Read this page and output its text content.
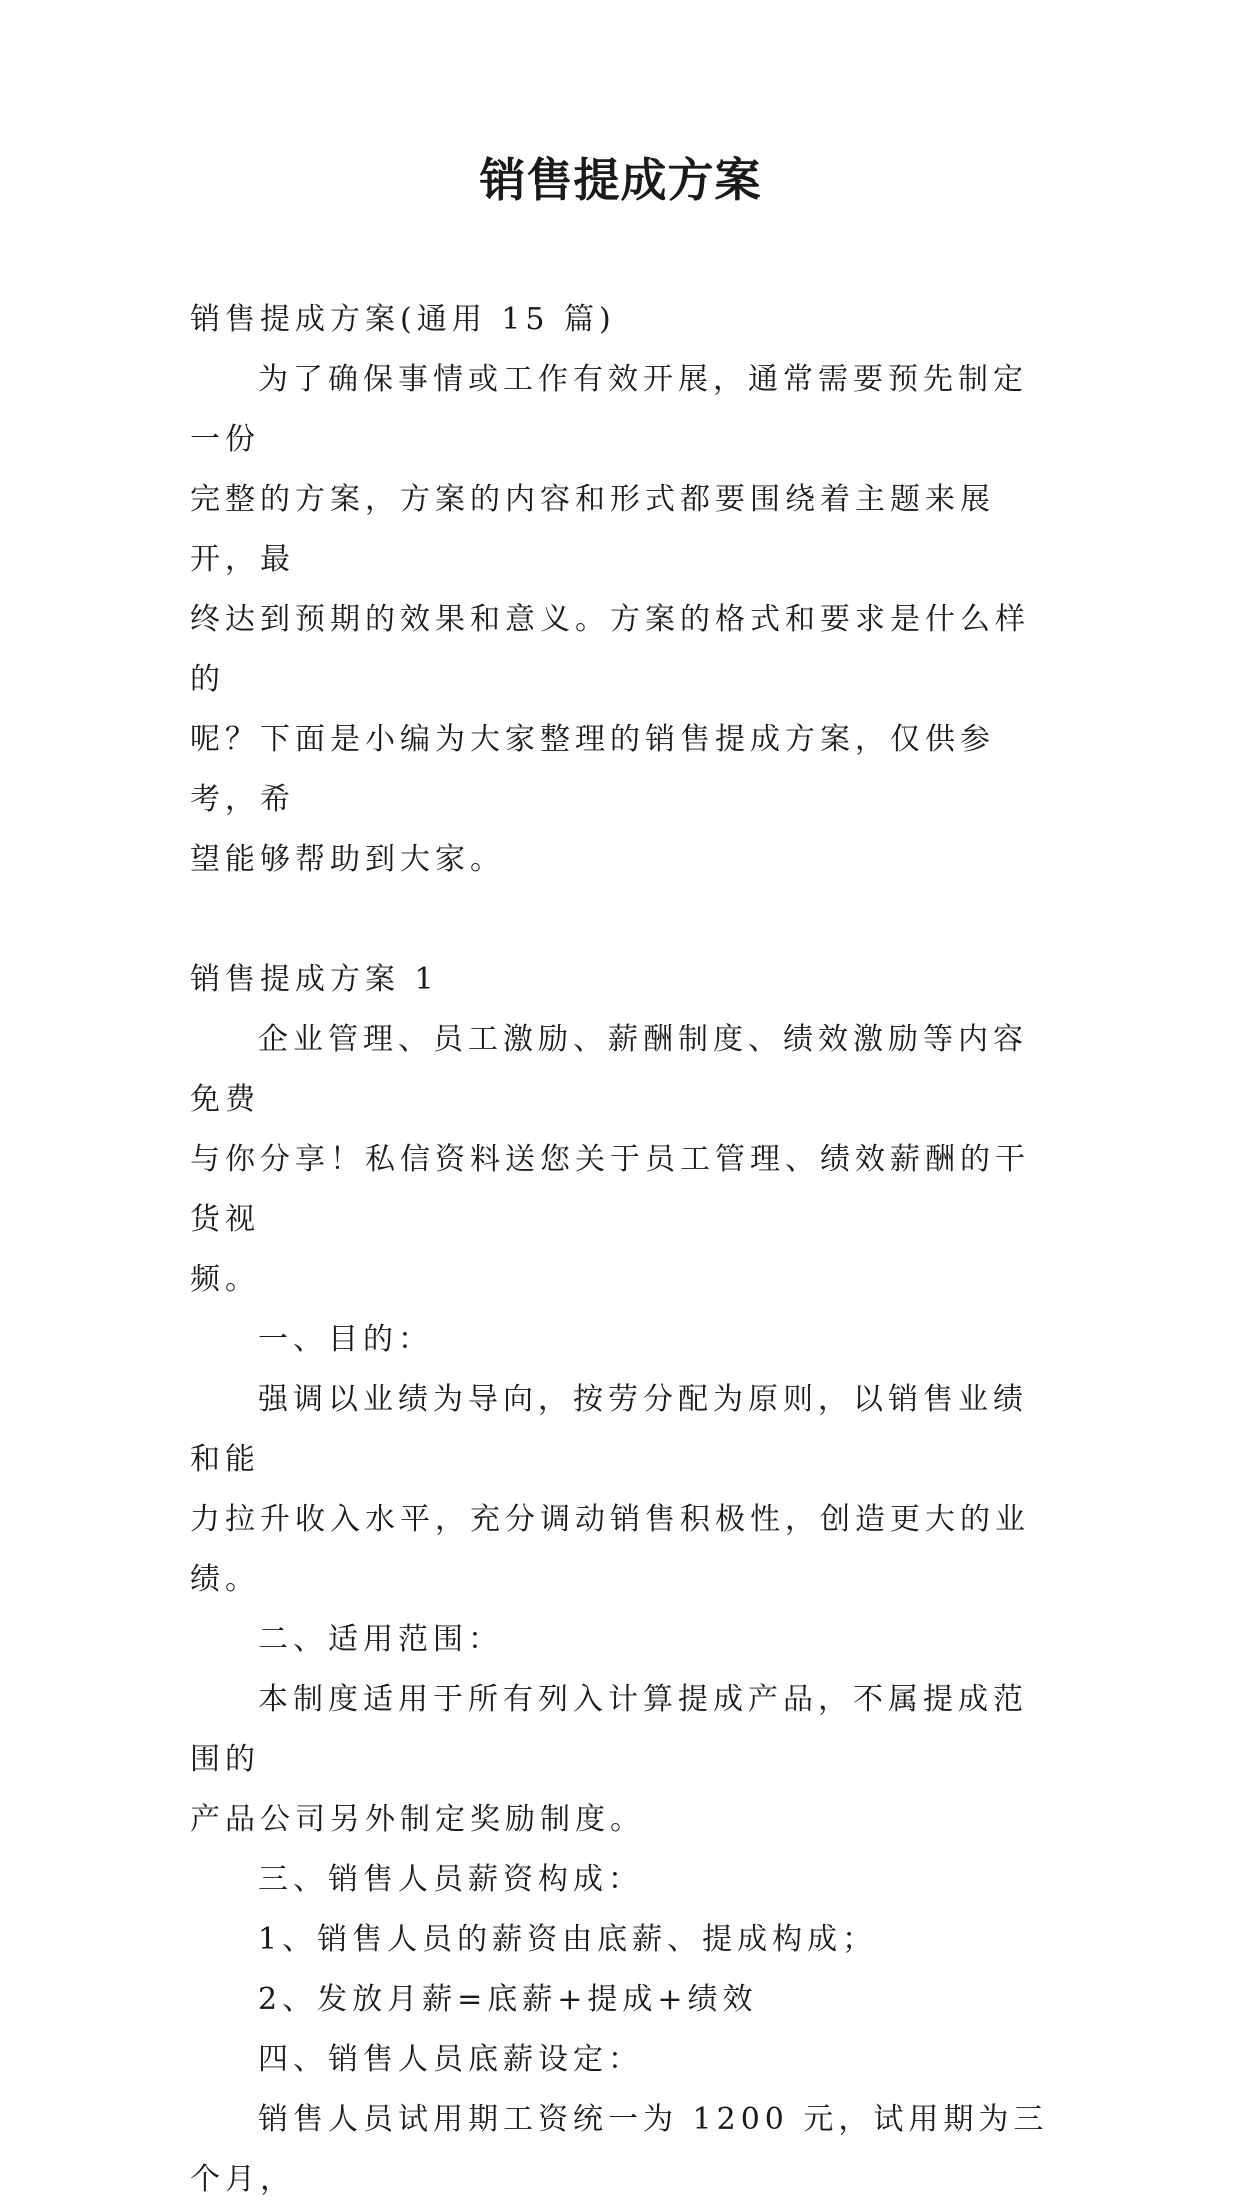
销售提成方案

销售提成方案(通用 15 篇)

为了确保事情或工作有效开展，通常需要预先制定一份

完整的方案，方案的内容和形式都要围绕着主题来展开，最

终达到预期的效果和意义。方案的格式和要求是什么样的

呢？下面是小编为大家整理的销售提成方案，仅供参考，希

望能够帮助到大家。

销售提成方案 1

企业管理、员工激励、薪酬制度、绩效激励等内容免费

与你分享！私信资料送您关于员工管理、绩效薪酬的干货视

频。

一、目的：

强调以业绩为导向，按劳分配为原则，以销售业绩和能

力拉升收入水平，充分调动销售积极性，创造更大的业绩。

二、适用范围：

本制度适用于所有列入计算提成产品，不属提成范围的

产品公司另外制定奖励制度。

三、销售人员薪资构成：

1、销售人员的薪资由底薪、提成构成；

2、发放月薪=底薪+提成+绩效

四、销售人员底薪设定：

销售人员试用期工资统一为 1200 元，试用期为三个月，
